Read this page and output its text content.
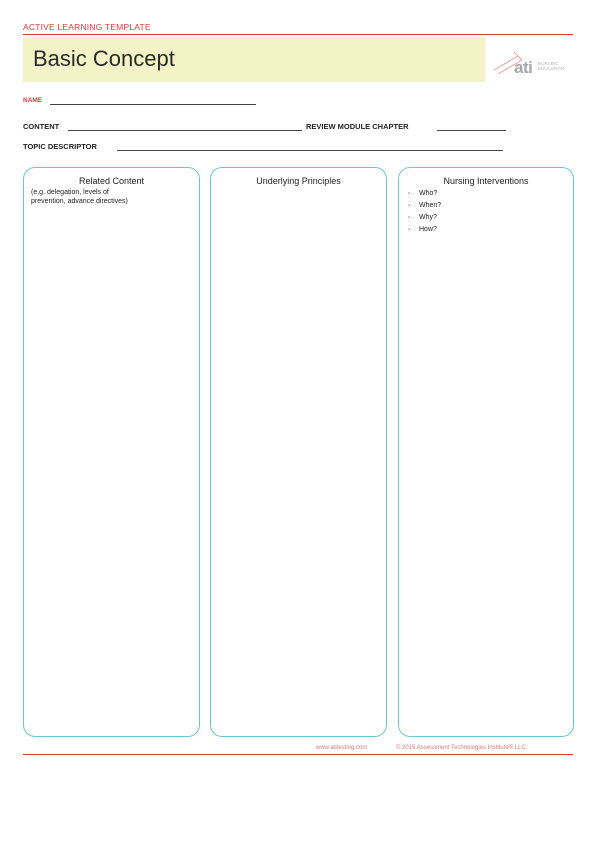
ACTIVE LEARNING TEMPLATE
Basic Concept	ati NURSING
EDUCATION
NAME
CONTENT	REVIEW MODULE CHAPTER
TOPIC DESCRIPTOR
Related Content
(e.g. delegation, levels of
prevention, advance directives)
Underlying Principles	Nursing Interventions
› Who?
› When?
› Why?
› How?
www.atitesting.com	© 2015 Assessment Technologies Institute® LLC.
